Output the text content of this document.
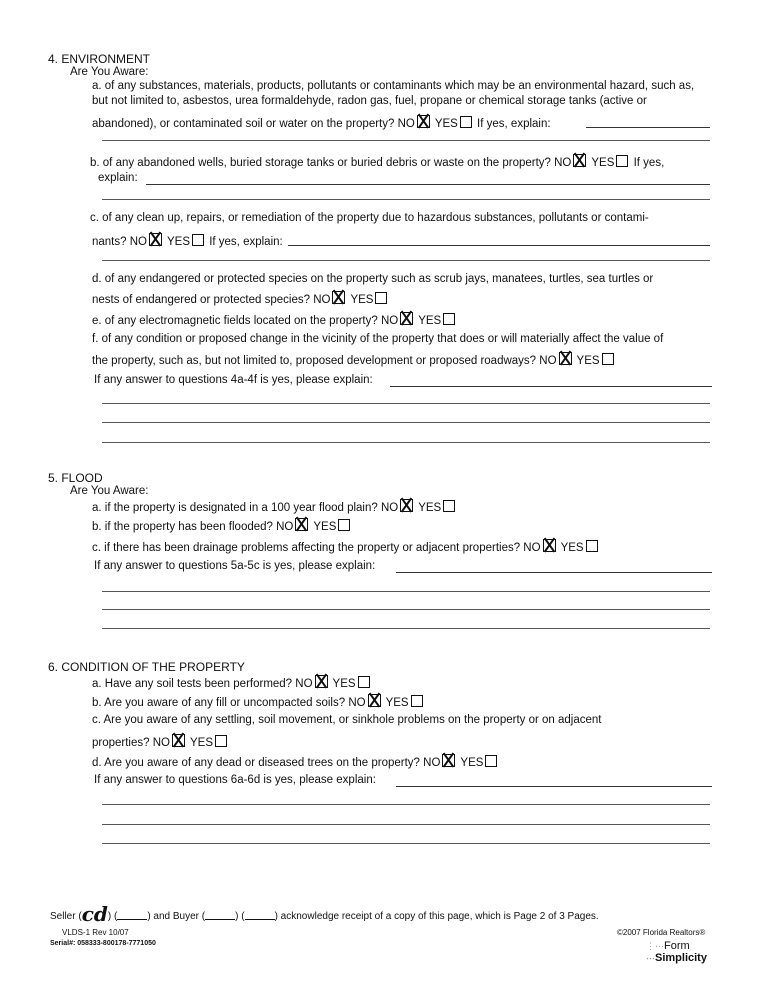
4. ENVIRONMENT
Are You Aware:
a. of any substances, materials, products, pollutants or contaminants which may be an environmental hazard, such as,
but not limited to, asbestos, urea formaldehyde, radon gas, fuel, propane or chemical storage tanks (active or
abandoned), or contaminated soil or water on the property? NO YES If yes, explain:
b. of any abandoned wells, buried storage tanks or buried debris or waste on the property? NO YES If yes,
explain:
c. of any clean up, repairs, or remediation of the property due to hazardous substances, pollutants or contami-
nants? NO YES If yes, explain:
d. of any endangered or protected species on the property such as scrub jays, manatees, turtles, sea turtles or
nests of endangered or protected species? NO YES
e. of any electromagnetic fields located on the property? NO YES
f. of any condition or proposed change in the vicinity of the property that does or will materially affect the value of
the property, such as, but not limited to, proposed development or proposed roadways? NO YES
If any answer to questions 4a-4f is yes, please explain:
5. FLOOD
Are You Aware:
a. if the property is designated in a 100 year flood plain? NO YES
b. if the property has been flooded? NO YES
c. if there has been drainage problems affecting the property or adjacent properties? NO YES
If any answer to questions 5a-5c is yes, please explain:
6. CONDITION OF THE PROPERTY
a. Have any soil tests been performed? NO YES
b. Are you aware of any fill or uncompacted soils? NO YES
c. Are you aware of any settling, soil movement, or sinkhole problems on the property or on adjacent
properties? NO YES
d. Are you aware of any dead or diseased trees on the property? NO YES
If any answer to questions 6a-6d is yes, please explain:
Seller (cd) (	) and Buyer (	) (	) acknowledge receipt of a copy of this page, which is Page 2 of 3 Pages.
VLDS-1 Rev 10/07
Serial#: 058333-800178-7771050
©2007 Florida Realtors®
⋮⋯Form
⋯Simplicity
